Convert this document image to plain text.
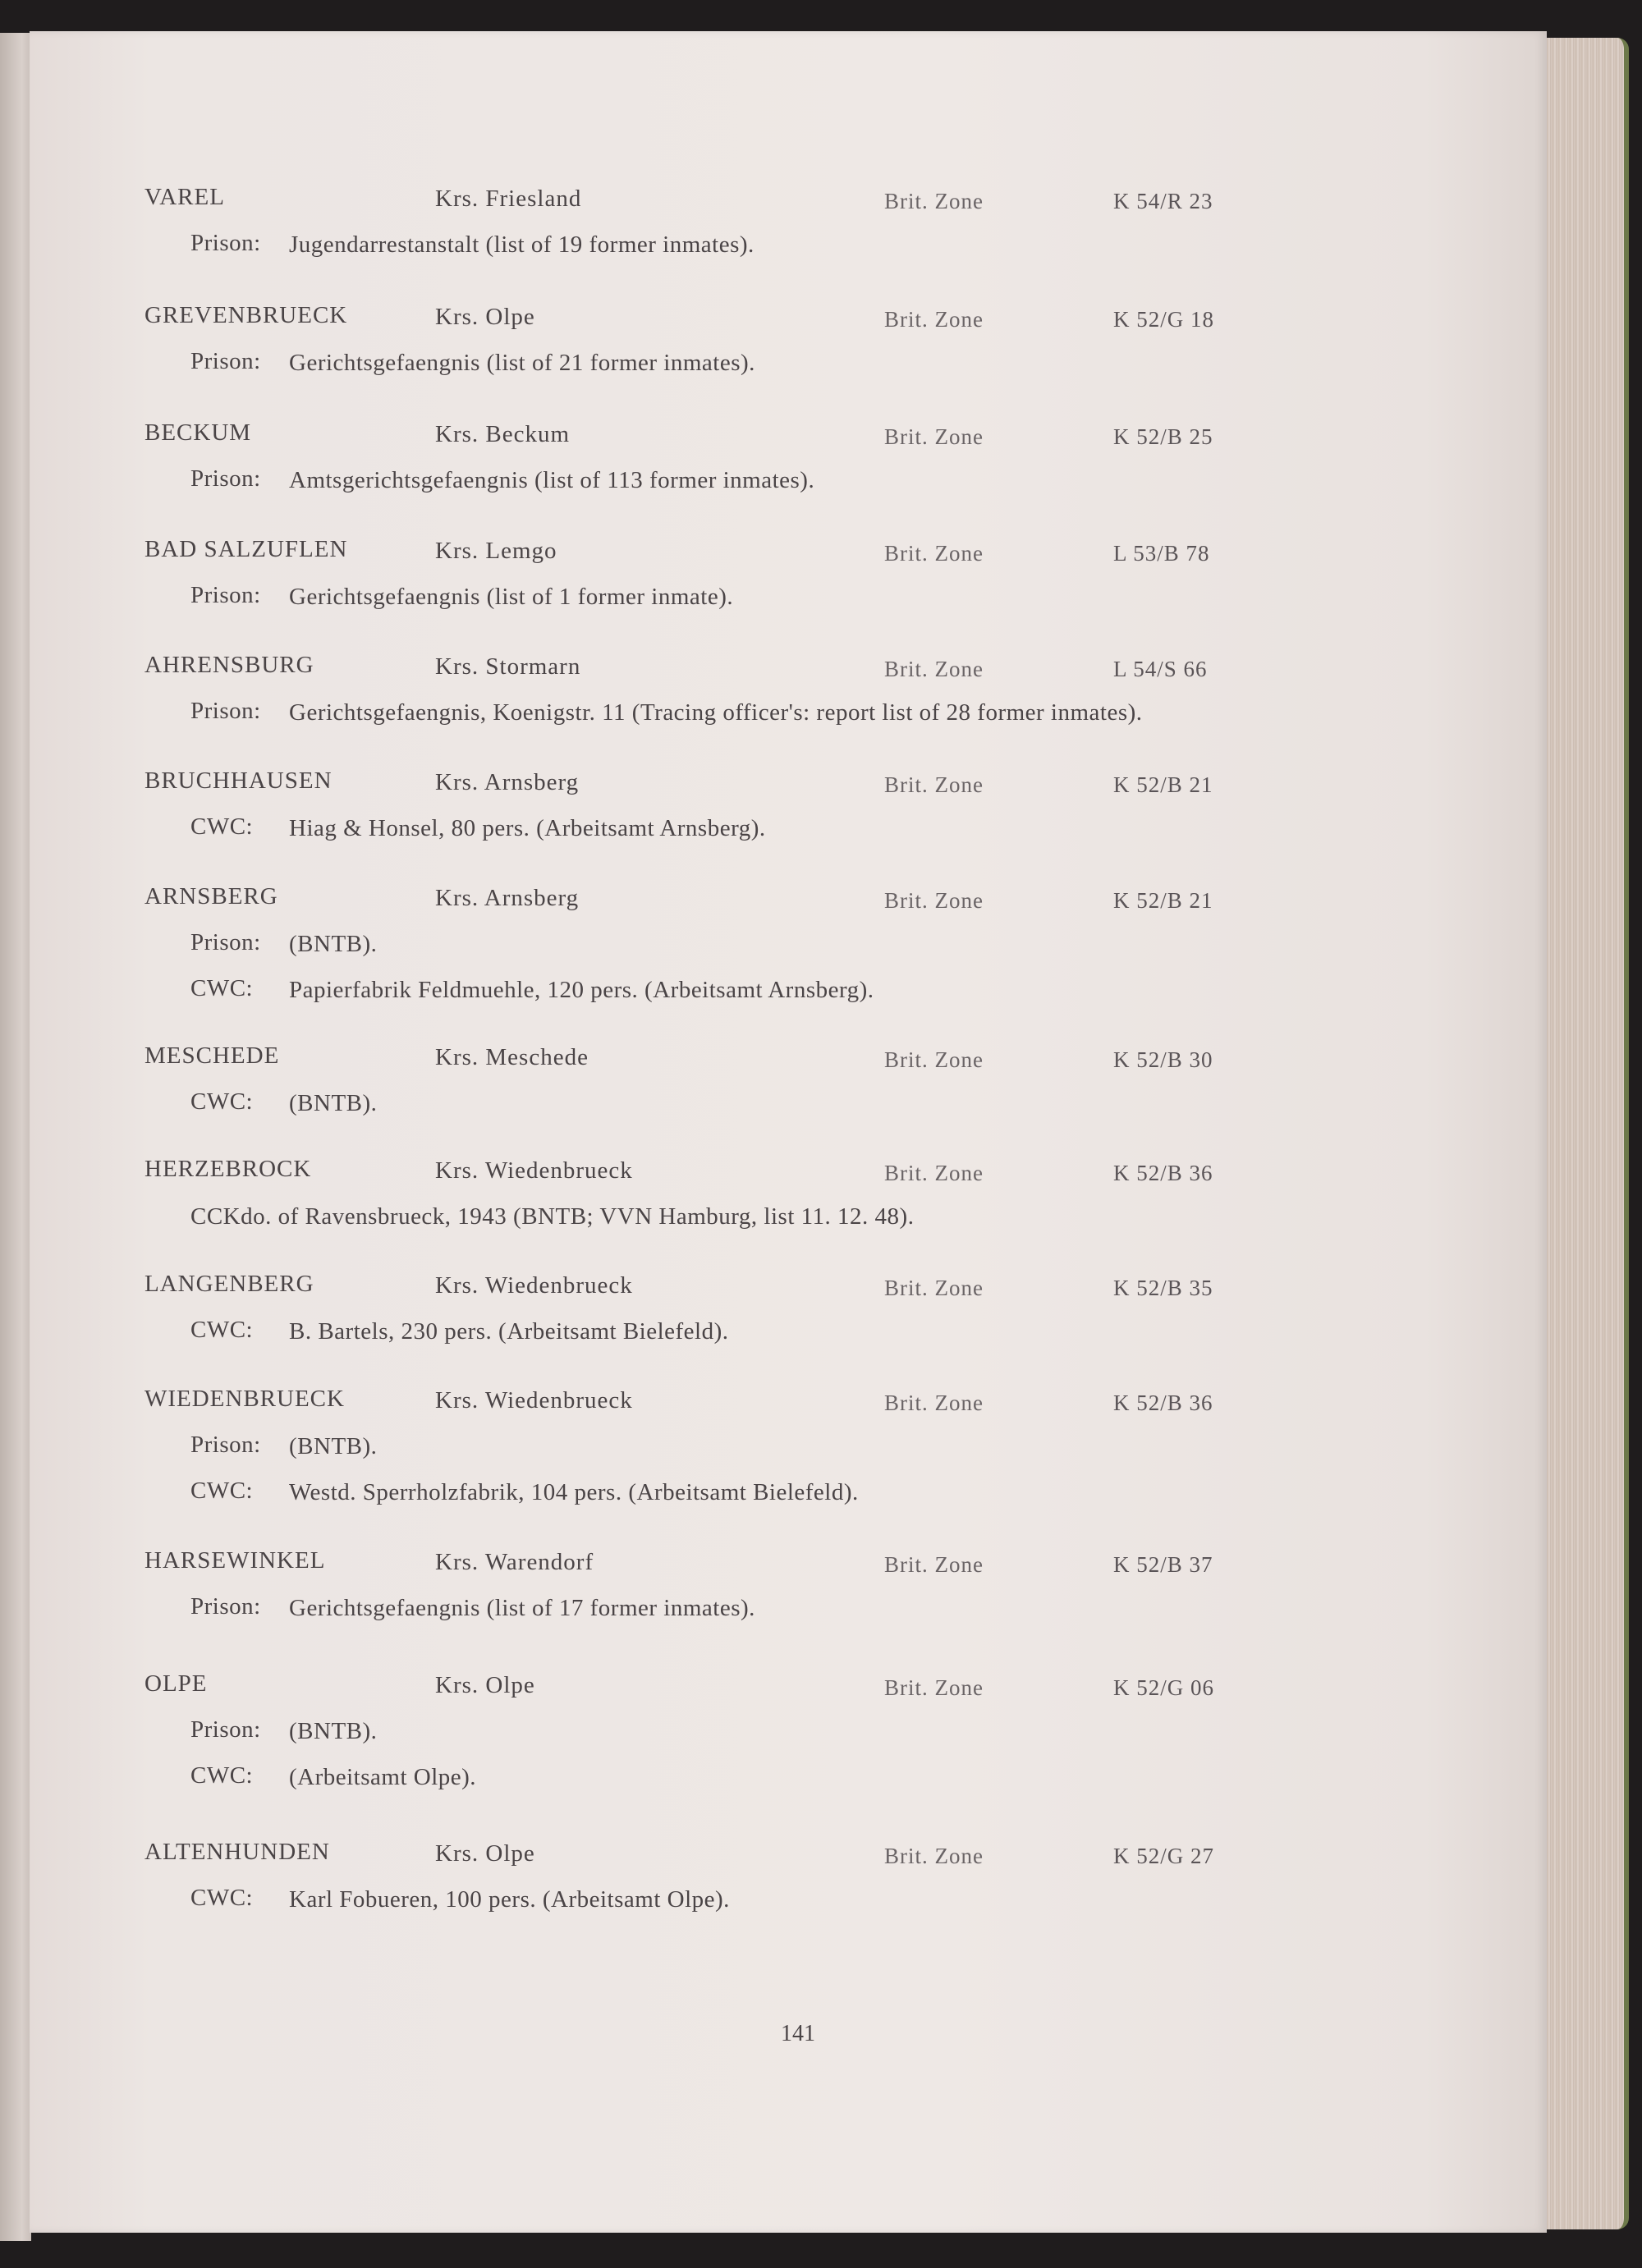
VAREL	Krs. Friesland	Brit. Zone	K 54/R 23
Prison: Jugendarrestanstalt (list of 19 former inmates).
GREVENBRUECK	Krs. Olpe	Brit. Zone	K 52/G 18
Prison: Gerichtsgefaengnis (list of 21 former inmates).
BECKUM	Krs. Beckum	Brit. Zone	K 52/B 25
Prison: Amtsgerichtsgefaengnis (list of 113 former inmates).
BAD SALZUFLEN	Krs. Lemgo	Brit. Zone	L 53/B 78
Prison: Gerichtsgefaengnis (list of 1 former inmate).
AHRENSBURG	Krs. Stormarn	Brit. Zone	L 54/S 66
Prison: Gerichtsgefaengnis, Koenigstr. 11 (Tracing officer's: report list of 28 former inmates).
BRUCHHAUSEN	Krs. Arnsberg	Brit. Zone	K 52/B 21
CWC: Hiag & Honsel, 80 pers. (Arbeitsamt Arnsberg).
ARNSBERG	Krs. Arnsberg	Brit. Zone	K 52/B 21
Prison: (BNTB).
CWC: Papierfabrik Feldmuehle, 120 pers. (Arbeitsamt Arnsberg).
MESCHEDE	Krs. Meschede	Brit. Zone	K 52/B 30
CWC: (BNTB).
HERZEBROCK	Krs. Wiedenbrueck	Brit. Zone	K 52/B 36
CCKdo. of Ravensbrueck, 1943 (BNTB; VVN Hamburg, list 11. 12. 48).
LANGENBERG	Krs. Wiedenbrueck	Brit. Zone	K 52/B 35
CWC: B. Bartels, 230 pers. (Arbeitsamt Bielefeld).
WIEDENBRUECK	Krs. Wiedenbrueck	Brit. Zone	K 52/B 36
Prison: (BNTB).
CWC: Westd. Sperrholzfabrik, 104 pers. (Arbeitsamt Bielefeld).
HARSEWINKEL	Krs. Warendorf	Brit. Zone	K 52/B 37
Prison: Gerichtsgefaengnis (list of 17 former inmates).
OLPE	Krs. Olpe	Brit. Zone	K 52/G 06
Prison: (BNTB).
CWC: (Arbeitsamt Olpe).
ALTENHUNDEN	Krs. Olpe	Brit. Zone	K 52/G 27
CWC: Karl Fobueren, 100 pers. (Arbeitsamt Olpe).
141
